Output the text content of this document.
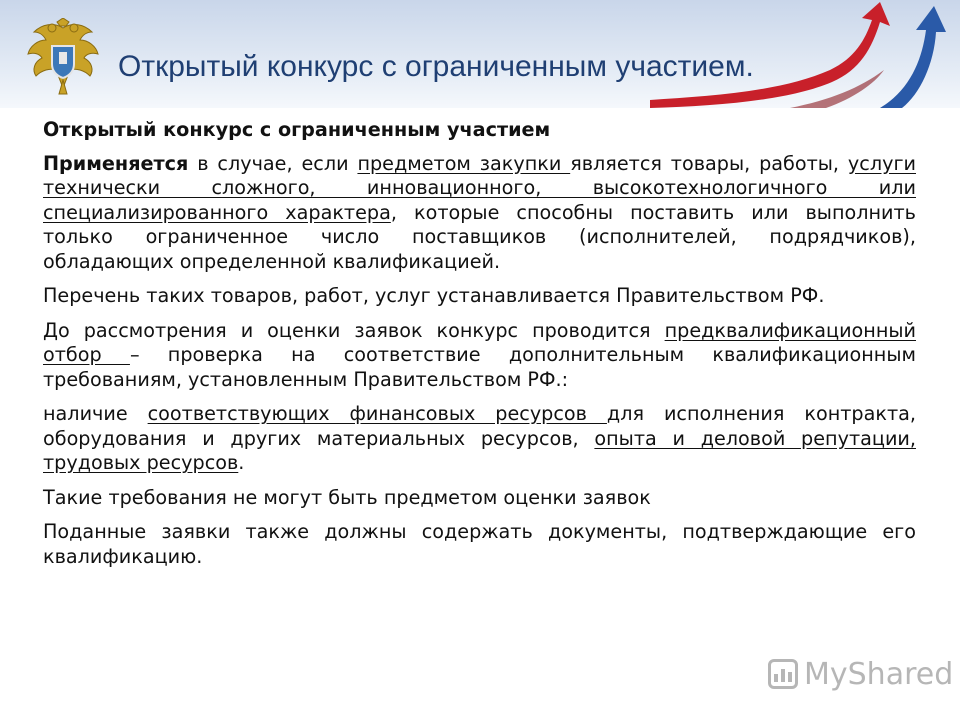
Открытый конкурс с ограниченным участием.

Открытый конкурс с ограниченным участием

Применяется в случае, если предметом закупки является товары, работы, услуги технически сложного, инновационного, высокотехнологичного или специализированного характера, которые способны поставить или выполнить только ограниченное число поставщиков (исполнителей, подрядчиков), обладающих определенной квалификацией.

Перечень таких товаров, работ, услуг устанавливается Правительством РФ.

До рассмотрения и оценки заявок конкурс проводится предквалификационный отбор – проверка на соответствие дополнительным квалификационным требованиям, установленным Правительством РФ.:

наличие соответствующих финансовых ресурсов для исполнения контракта, оборудования и других материальных ресурсов, опыта и деловой репутации, трудовых ресурсов.

Такие требования не могут быть предметом оценки заявок

Поданные заявки также должны содержать документы, подтверждающие его квалификацию.

MyShared
